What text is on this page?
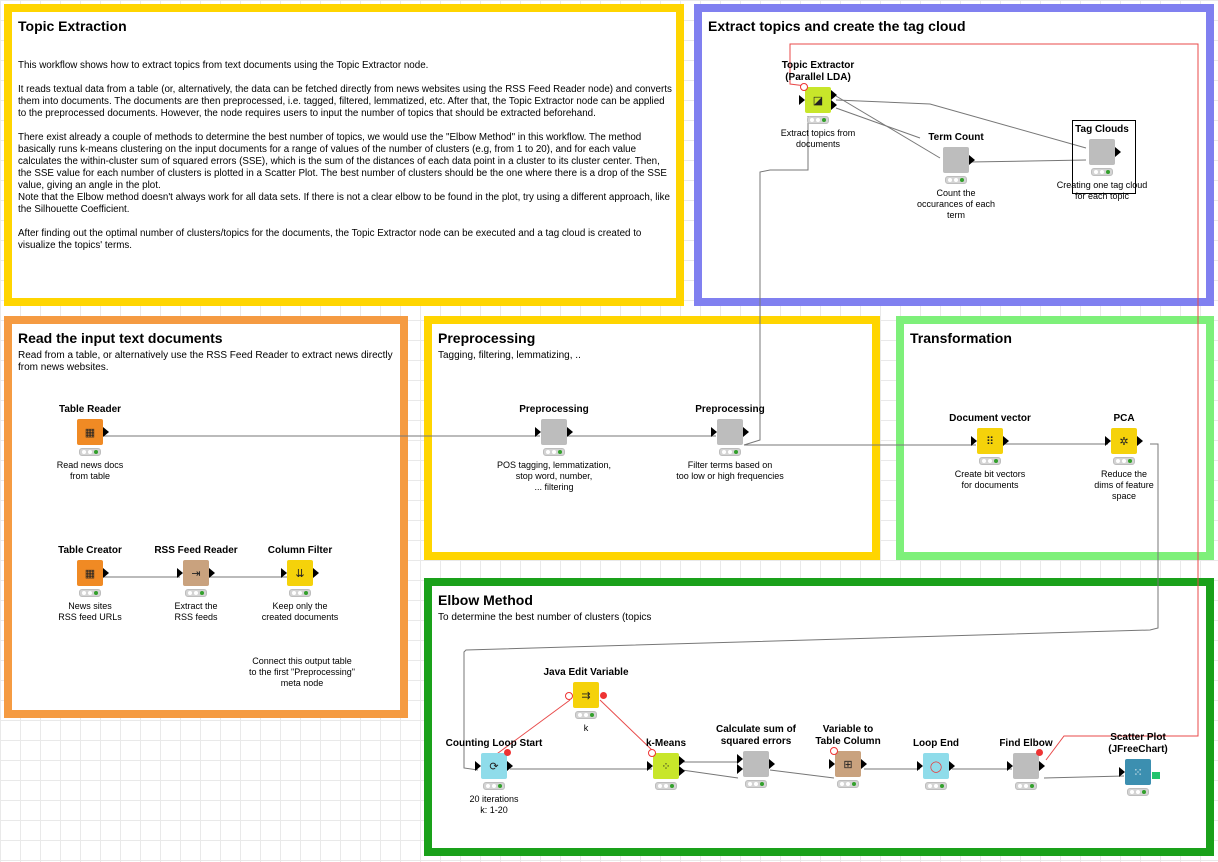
Topic Extraction
This workflow shows how to extract topics from text documents using the Topic Extractor node.

It reads textual data from a table (or, alternatively, the data can be fetched directly from news websites using the RSS Feed Reader node) and converts them into documents. The documents are then preprocessed, i.e. tagged, filtered, lemmatized, etc. After that, the Topic Extractor node can be applied to the preprocessed documents. However, the node requires users to input the number of topics that should be extracted beforehand.

There exist already a couple of methods to determine the best number of topics, we would use the "Elbow Method" in this workflow. The method basically runs k-means clustering on the input documents for a range of values of the number of clusters (e.g, from 1 to 20), and for each value calculates the within-cluster sum of squared errors (SSE), which is the sum of the distances of each data point in a cluster to its cluster center. Then, the SSE value for each number of clusters is plotted in a Scatter Plot. The best number of clusters should be the one where there is a drop of the SSE value, giving an angle in the plot.
Note that the Elbow method doesn't always work for all data sets. If there is not a clear elbow to be found in the plot, try using a different approach, like the Silhouette Coefficient.

After finding out the optimal number of clusters/topics for the documents, the Topic Extractor node can be executed and a tag cloud is created to visualize the topics' terms.
Extract topics and create the tag cloud
Read the input text documents
Read from a table, or alternatively use the RSS Feed Reader to extract news directly from news websites.
Preprocessing
Tagging, filtering, lemmatizing, ..
Transformation
Elbow Method
To determine the best number of clusters (topics
Topic Extractor
(Parallel LDA)
◪
Extract topics from
documents
Term Count
Count the
occurances of each
term
Tag Clouds
Creating one tag cloud
for each topic
Table Reader
▦
Read news docs
from table
Table Creator
▦
News sites
RSS feed URLs
RSS Feed Reader
⇥
Extract the
RSS feeds
Column Filter
⇊
Keep only the
created documents
Connect this output table
to the first "Preprocessing"
meta node
Preprocessing
POS tagging, lemmatization,
stop word, number,
... filtering
Preprocessing
Filter terms based on
too low or high frequencies
Document vector
⠿
Create bit vectors
for documents
PCA
✲
Reduce the
dims of feature
space
Counting Loop Start
⟳
20 iterations
k: 1-20
Java Edit Variable
⇉
k
k-Means
⁘
Calculate sum of
squared errors
Variable to
Table Column
⊞
Loop End
◯
Find Elbow
Scatter Plot
(JFreeChart)
⁙
